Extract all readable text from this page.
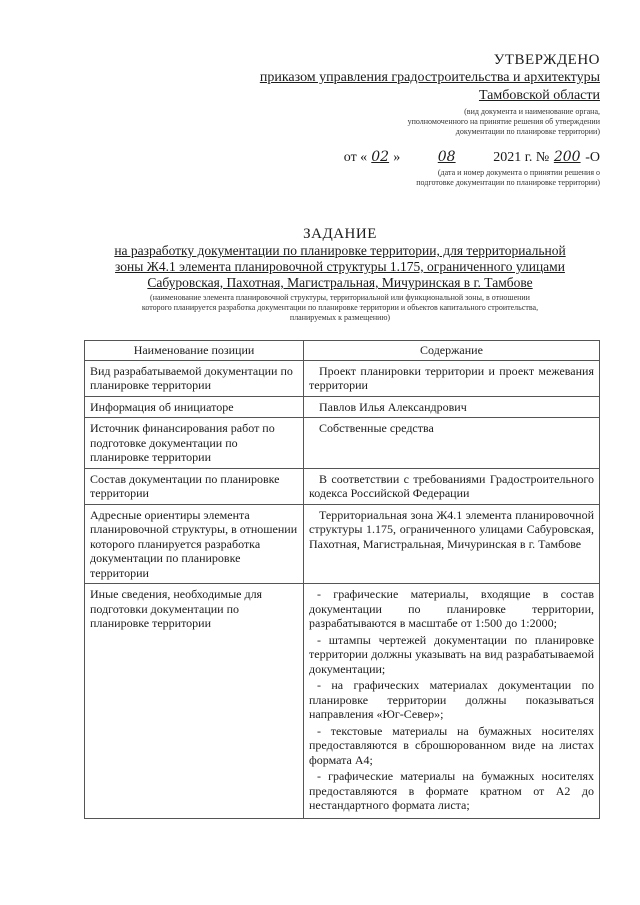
УТВЕРЖДЕНО
приказом управления градостроительства и архитектуры
Тамбовской области
(вид документа и наименование органа,
уполномоченного на принятие решения об утверждении
документации по планировке территории)
от « 02 »	08	2021 г. № 200 -О
(дата и номер документа о принятии решения о
подготовке документации по планировке территории)
ЗАДАНИЕ
на разработку документации по планировке территории, для территориальной
зоны Ж4.1 элемента планировочной структуры 1.175, ограниченного улицами
Сабуровская, Пахотная, Магистральная, Мичуринская в г. Тамбове
(наименование элемента планировочной структуры, территориальной или функциональной зоны, в отношении
которого планируется разработка документации по планировке территории и объектов капитального строительства,
планируемых к размещению)
Наименование позиции	Содержание
Вид разрабатываемой документации по планировке территории	Проект планировки территории и проект межевания территории

Информация об инициаторе	Павлов Илья Александрович

Источник финансирования работ по подготовке документации по планировке территории	Собственные средства

Состав документации по планировке территории	В соответствии с требованиями Градостроительного кодекса Российской Федерации

Адресные ориентиры элемента планировочной структуры, в отношении которого планируется разработка документации по планировке территории	Территориальная зона Ж4.1 элемента планировочной структуры 1.175, ограниченного улицами Сабуровская, Пахотная, Магистральная, Мичуринская в г. Тамбове

Иные сведения, необходимые для подготовки документации по планировке территории	- графические материалы, входящие в состав документации по планировке территории, разрабатываются в масштабе от 1:500 до 1:2000;
- штампы чертежей документации по планировке территории должны указывать на вид разрабатываемой документации;
- на графических материалах документации по планировке территории должны показываться направления «Юг-Север»;
- текстовые материалы на бумажных носителях предоставляются в сброшюрованном виде на листах формата А4;
- графические материалы на бумажных носителях предоставляются в формате кратном от А2 до нестандартного формата листа;
